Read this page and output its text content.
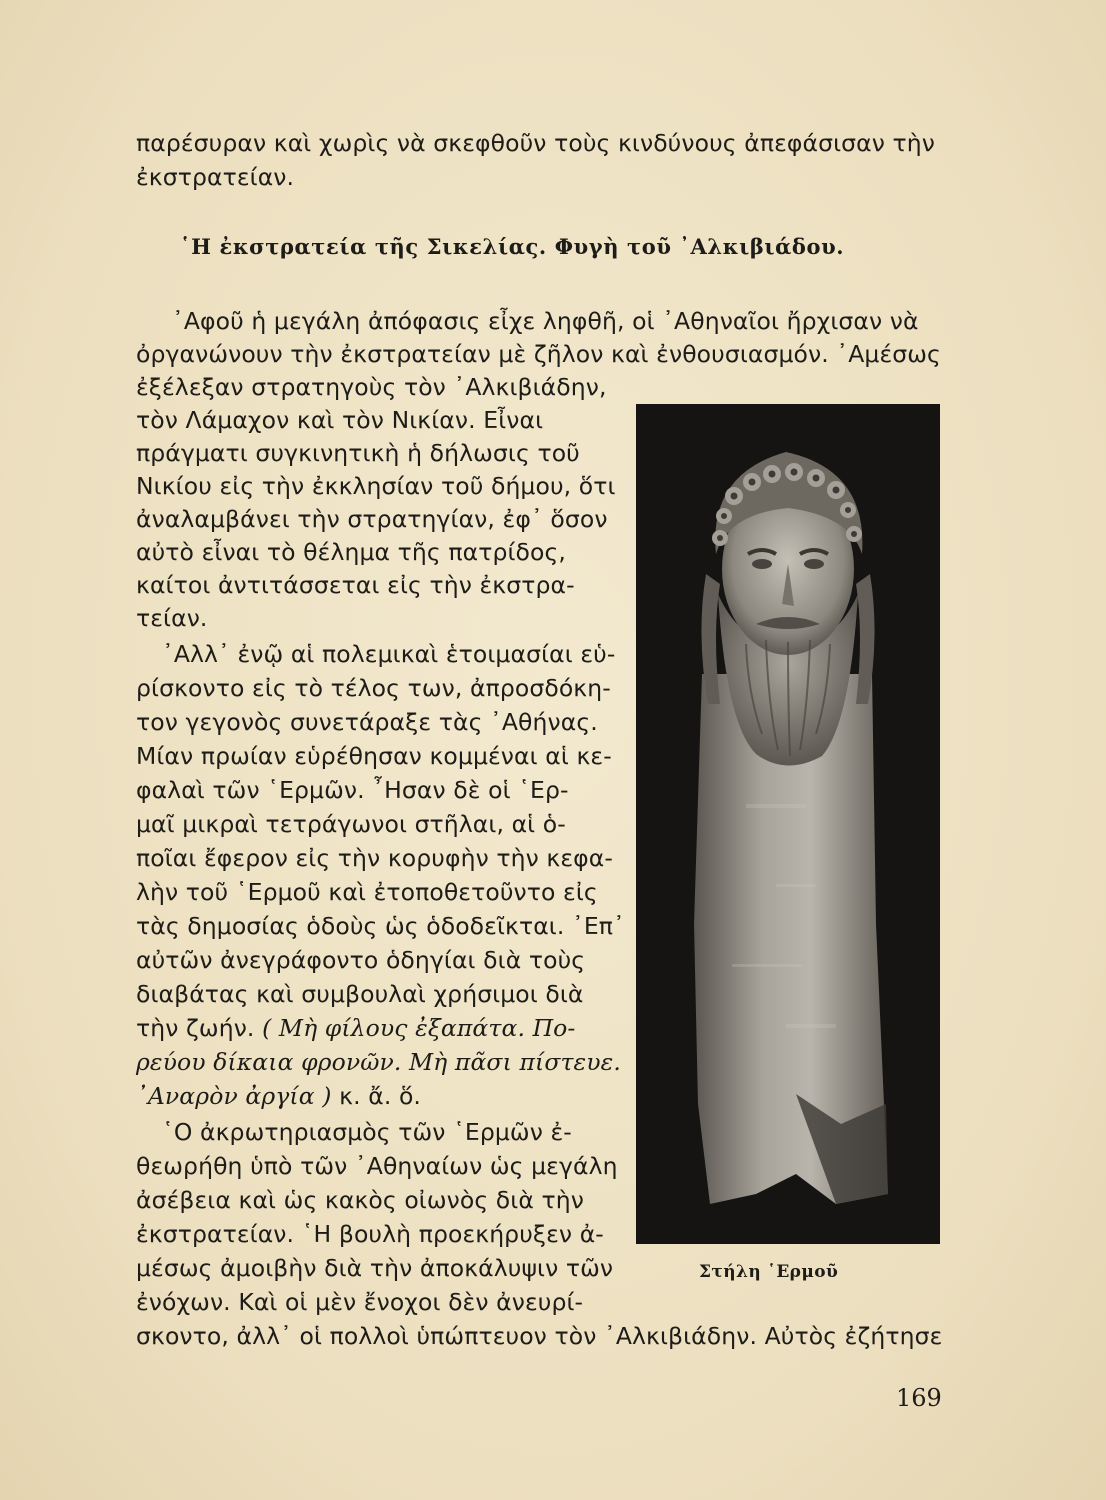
παρέσυραν καὶ χωρὶς νὰ σκεφθοῦν τοὺς κινδύνους ἀπεφάσισαν τὴν
ἐκστρατείαν.
῾Η ἐκστρατεία τῆς Σικελίας. Φυγὴ τοῦ ᾿Αλκιβιάδου.
᾿Αφοῦ ἡ μεγάλη ἀπόφασις εἶχε ληφθῆ, οἱ ᾿Αθηναῖοι ἤρχισαν νὰ
ὀργανώνουν τὴν ἐκστρατείαν μὲ ζῆλον καὶ ἐνθουσιασμόν. ᾿Αμέσως
ἐξέλεξαν στρατηγοὺς τὸν ᾿Αλκιβιάδην,
τὸν Λάμαχον καὶ τὸν Νικίαν. Εἶναι
πράγματι συγκινητικὴ ἡ δήλωσις τοῦ
Νικίου εἰς τὴν ἐκκλησίαν τοῦ δήμου, ὅτι
ἀναλαμβάνει τὴν στρατηγίαν, ἐφ᾿ ὅσον
αὐτὸ εἶναι τὸ θέλημα τῆς πατρίδος,
καίτοι ἀντιτάσσεται εἰς τὴν ἐκστρα-
τείαν.
᾿Αλλ᾿ ἐνῷ αἱ πολεμικαὶ ἑτοιμασίαι εὑ-
ρίσκοντο εἰς τὸ τέλος των, ἀπροσδόκη-
τον γεγονὸς συνετάραξε τὰς ᾿Αθήνας.
Μίαν πρωίαν εὑρέθησαν κομμέναι αἱ κε-
φαλαὶ τῶν ῾Ερμῶν. ῏Ησαν δὲ οἱ ῾Ερ-
μαῖ μικραὶ τετράγωνοι στῆλαι, αἱ ὁ-
ποῖαι ἔφερον εἰς τὴν κορυφὴν τὴν κεφα-
λὴν τοῦ ῾Ερμοῦ καὶ ἐτοποθετοῦντο εἰς
τὰς δημοσίας ὁδοὺς ὡς ὁδοδεῖκται. ᾿Επ᾿
αὐτῶν ἀνεγράφοντο ὁδηγίαι διὰ τοὺς
διαβάτας καὶ συμβουλαὶ χρήσιμοι διὰ
τὴν ζωήν. ( Μὴ φίλους ἐξαπάτα. Πο-
ρεύου δίκαια φρονῶν. Μὴ πᾶσι πίστευε.
᾿Αναρὸν ἀργία ) κ. ἄ. ὅ.
῾Ο ἀκρωτηριασμὸς τῶν ῾Ερμῶν ἐ-
θεωρήθη ὑπὸ τῶν ᾿Αθηναίων ὡς μεγάλη
ἀσέβεια καὶ ὡς κακὸς οἰωνὸς διὰ τὴν
ἐκστρατείαν. ῾Η βουλὴ προεκήρυξεν ἀ-
μέσως ἀμοιβὴν διὰ τὴν ἀποκάλυψιν τῶν
ἐνόχων. Καὶ οἱ μὲν ἔνοχοι δὲν ἀνευρί-
σκοντο, ἀλλ᾿ οἱ πολλοὶ ὑπώπτευον τὸν ᾿Αλκιβιάδην. Αὐτὸς ἐζήτησε
Στήλη ῾Ερμοῦ
169
